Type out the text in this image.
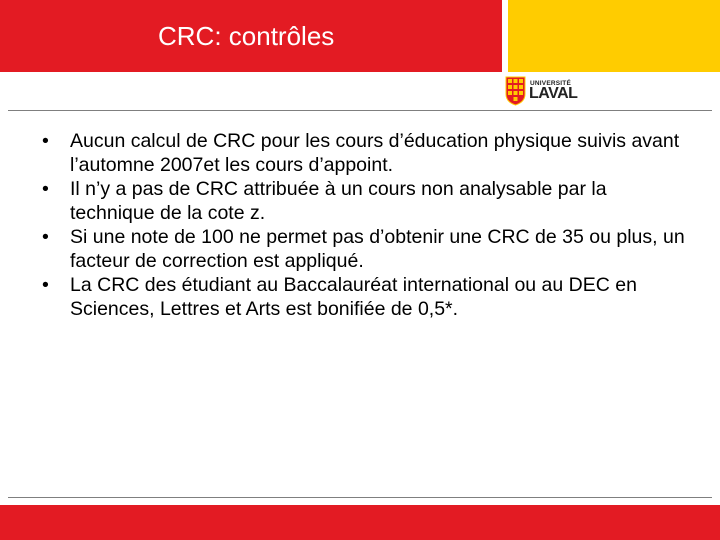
CRC: contrôles
UNIVERSITÉ
LAVAL
• Aucun calcul de CRC pour les cours d’éducation physique suivis avant l’automne 2007et les cours d’appoint.
• Il n’y a pas de CRC attribuée à un cours non analysable par la technique de la cote z.
• Si une note de 100 ne permet pas d’obtenir une CRC de 35 ou plus, un facteur de correction est appliqué.
• La CRC des étudiant au Baccalauréat international ou au DEC en Sciences, Lettres et Arts est bonifiée de 0,5*.
